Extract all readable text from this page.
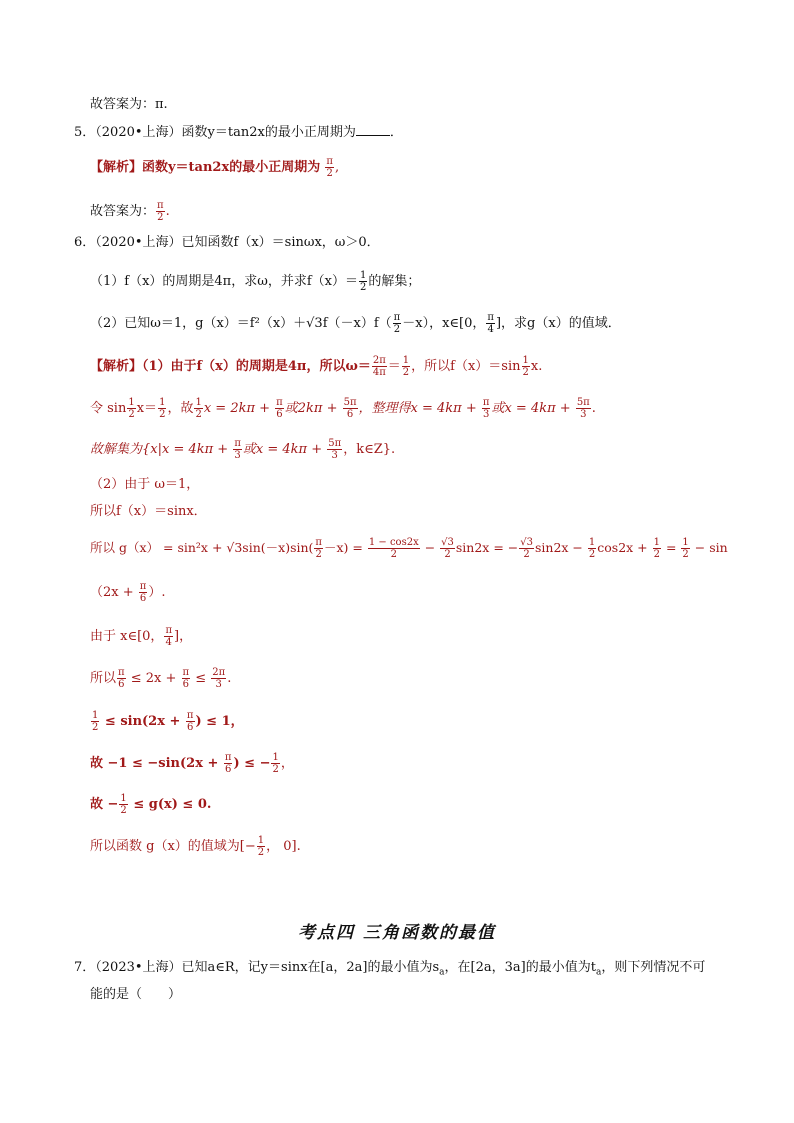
故答案为：π.
5．（2020•上海）函数y＝tan2x的最小正周期为	．
【解析】函数y＝tan2x的最小正周期为 $\frac{\pi}{2}$ ,
故答案为： $\frac{\pi}{2}$ .
6．（2020•上海）已知函数f（x）＝sinωx，ω＞0．
（1）f（x）的周期是4π，求ω，并求$f(x)= \frac{1}{2}$ 的解集；
（2）已知ω＝1，$g(x)=f^2(x)+√3f(-x)f( \frac{\pi}{2} -x)$，x∈[0， $\frac{\pi}{4}$ ]，求g（x）的值域．
【解析】（1）由于f（x）的周期是4π，所以$\omega= \frac{2\pi}{4\pi} = \frac{1}{2}$ ，所以$f(x)=\sin \frac{1}{2} x$.
令 $\sin \frac{1}{2} x= \frac{1}{2}$ ，故 $\frac{1}{2}$ $x = 2k\pi + \frac{\pi}{6}$ 或$2k\pi + \frac{5\pi}{6}$ ，整理得$x = 4k\pi + \frac{\pi}{3}$ 或$x = 4k\pi + \frac{5\pi}{3}$ .
故解集为{$x|x = 4k\pi + \frac{\pi}{3}$ 或$x = 4k\pi + \frac{5\pi}{3}$ ，k∈Z}.
（2）由于 ω＝1，
所以f（x）＝sinx．
所以 $g(x) = \sin^2x + √3\sin(-x)\sin( \frac{\pi}{2} -x) = \frac{1 - \cos 2x}{2} - \frac{√3}{2} \sin 2x$ = − $\frac{√3}{2} \sin 2x - \frac{1}{2} \cos 2x + \frac{1}{2} = \frac{1}{2} - \sin$
（$2x + \frac{\pi}{6}$ ）.
由于 x∈[0， $\frac{\pi}{4}$ ]，
所以 $\frac{\pi}{6} \le 2x + \frac{\pi}{6} \le \frac{2\pi}{3}$ .
$\frac{1}{2} \le \sin(2x + \frac{\pi}{6}$ ) ≤ 1，
故 $-1 \le -\sin(2x + \frac{\pi}{6}$ ) ≤ − $\frac{1}{2}$ ，
故 − $\frac{1}{2} \le g(x) \le 0$.
所以函数 g（x）的值域为[− $\frac{1}{2}$ ， 0].
考点四 三角函数的最值
7．（2023•上海）已知a∈R，记y＝sinx在[a，2a]的最小值为$s_a$，在[2a，3a]的最小值为$t_a$，则下列情况不可
能的是（　　）
